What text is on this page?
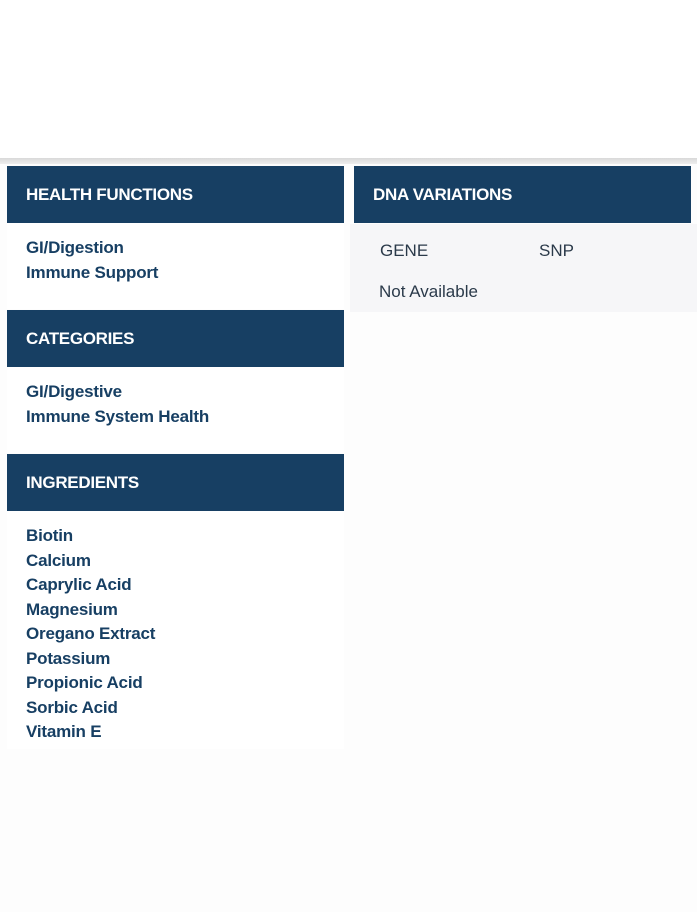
HEALTH FUNCTIONS
GI/Digestion
Immune Support
DNA VARIATIONS
GENE	SNP
Not Available
CATEGORIES
GI/Digestive
Immune System Health
INGREDIENTS
Biotin
Calcium
Caprylic Acid
Magnesium
Oregano Extract
Potassium
Propionic Acid
Sorbic Acid
Vitamin E
